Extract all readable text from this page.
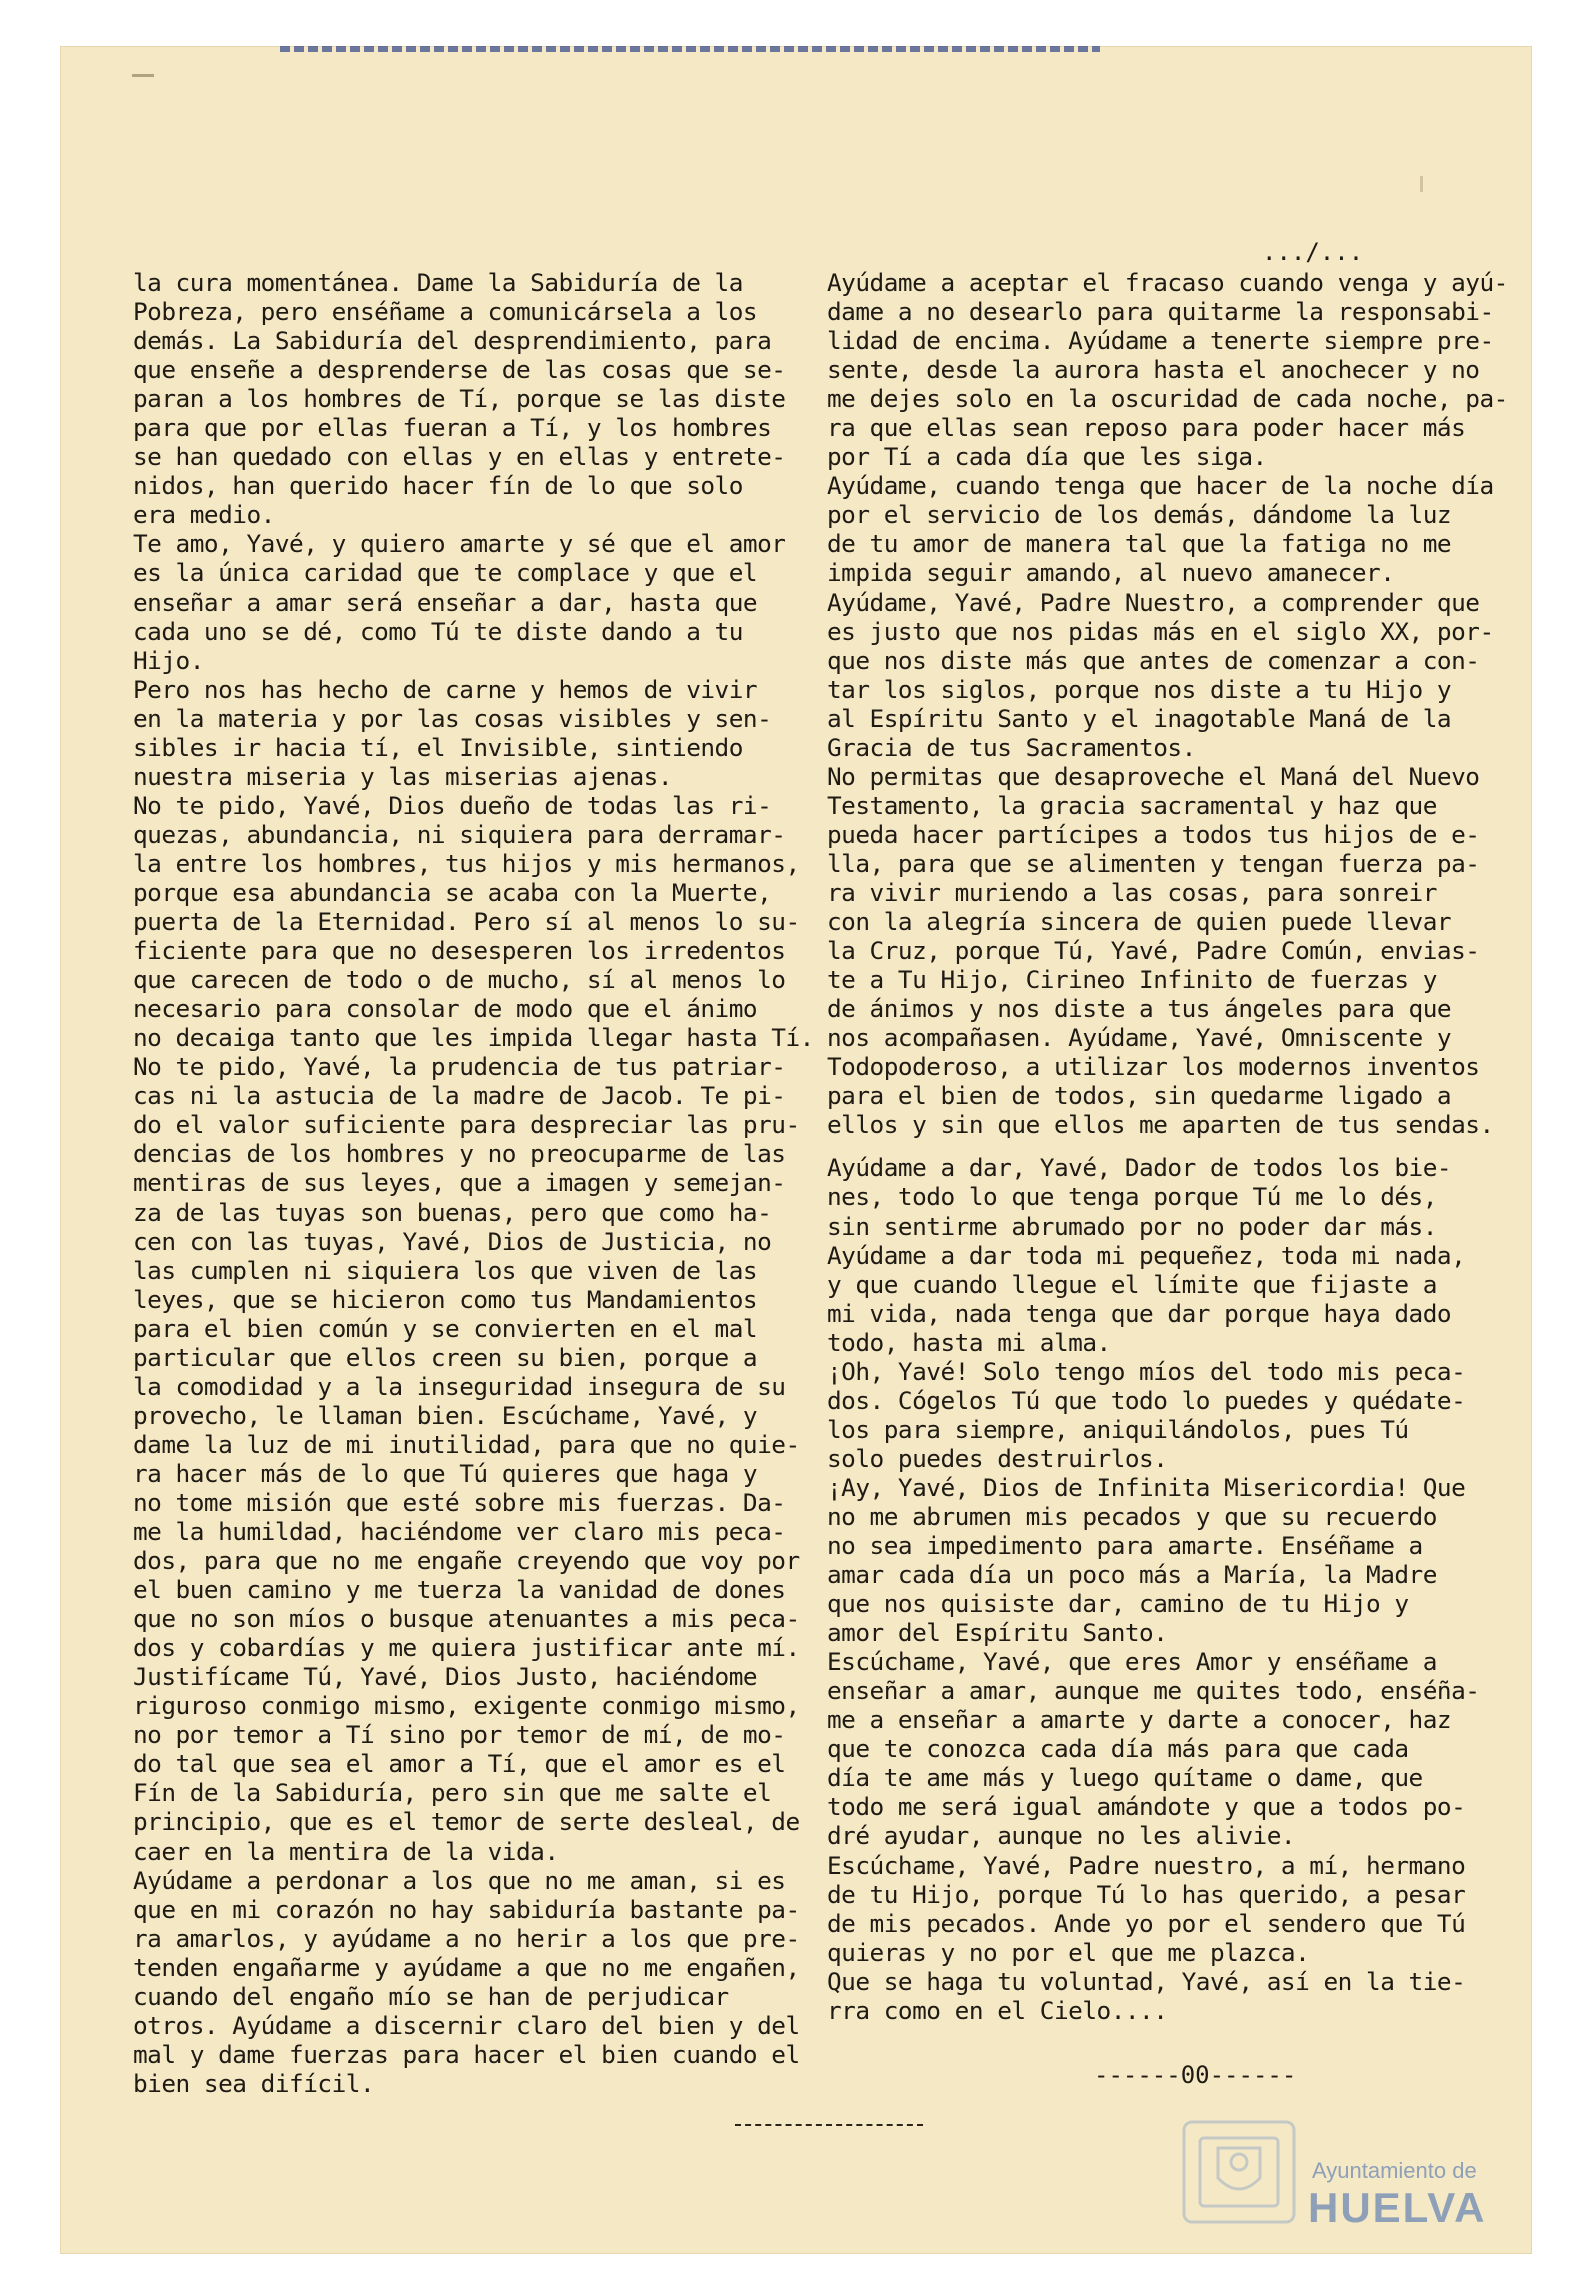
.../...

la cura momentánea. Dame la Sabiduría de la

Pobreza, pero enséñame a comunicársela a los

demás. La Sabiduría del desprendimiento, para

que enseñe a desprenderse de las cosas que se-

paran a los hombres de Tí, porque se las diste

para que por ellas fueran a Tí, y los hombres

se han quedado con ellas y en ellas y entrete-

nidos, han querido hacer fín de lo que solo

era medio.

Te amo, Yavé, y quiero amarte y sé que el amor

es la única caridad que te complace y que el

enseñar a amar será enseñar a dar, hasta que

cada uno se dé, como Tú te diste dando a tu

Hijo.

Pero nos has hecho de carne y hemos de vivir

en la materia y por las cosas visibles y sen-

sibles ir hacia tí, el Invisible, sintiendo

nuestra miseria y las miserias ajenas.

No te pido, Yavé, Dios dueño de todas las ri-

quezas, abundancia, ni siquiera para derramar-

la entre los hombres, tus hijos y mis hermanos,

porque esa abundancia se acaba con la Muerte,

puerta de la Eternidad. Pero sí al menos lo su-

ficiente para que no desesperen los irredentos

que carecen de todo o de mucho, sí al menos lo

necesario para consolar de modo que el ánimo

no decaiga tanto que les impida llegar hasta Tí.

No te pido, Yavé, la prudencia de tus patriar-

cas ni la astucia de la madre de Jacob. Te pi-

do el valor suficiente para despreciar las pru-

dencias de los hombres y no preocuparme de las

mentiras de sus leyes, que a imagen y semejan-

za de las tuyas son buenas, pero que como ha-

cen con las tuyas, Yavé, Dios de Justicia, no

las cumplen ni siquiera los que viven de las

leyes, que se hicieron como tus Mandamientos

para el bien común y se convierten en el mal

particular que ellos creen su bien, porque a

la comodidad y a la inseguridad insegura de su

provecho, le llaman bien. Escúchame, Yavé, y

dame la luz de mi inutilidad, para que no quie-

ra hacer más de lo que Tú quieres que haga y

no tome misión que esté sobre mis fuerzas. Da-

me la humildad, haciéndome ver claro mis peca-

dos, para que no me engañe creyendo que voy por

el buen camino y me tuerza la vanidad de dones

que no son míos o busque atenuantes a mis peca-

dos y cobardías y me quiera justificar ante mí.

Justifícame Tú, Yavé, Dios Justo, haciéndome

riguroso conmigo mismo, exigente conmigo mismo,

no por temor a Tí sino por temor de mí, de mo-

do tal que sea el amor a Tí, que el amor es el

Fín de la Sabiduría, pero sin que me salte el

principio, que es el temor de serte desleal, de

caer en la mentira de la vida.

Ayúdame a perdonar a los que no me aman, si es

que en mi corazón no hay sabiduría bastante pa-

ra amarlos, y ayúdame a no herir a los que pre-

tenden engañarme y ayúdame a que no me engañen,

cuando del engaño mío se han de perjudicar

otros. Ayúdame a discernir claro del bien y del

mal y dame fuerzas para hacer el bien cuando el

bien sea difícil.

Ayúdame a aceptar el fracaso cuando venga y ayú-

dame a no desearlo para quitarme la responsabi-

lidad de encima. Ayúdame a tenerte siempre pre-

sente, desde la aurora hasta el anochecer y no

me dejes solo en la oscuridad de cada noche, pa-

ra que ellas sean reposo para poder hacer más

por Tí a cada día que les siga.

Ayúdame, cuando tenga que hacer de la noche día

por el servicio de los demás, dándome la luz

de tu amor de manera tal que la fatiga no me

impida seguir amando, al nuevo amanecer.

Ayúdame, Yavé, Padre Nuestro, a comprender que

es justo que nos pidas más en el siglo XX, por-

que nos diste más que antes de comenzar a con-

tar los siglos, porque nos diste a tu Hijo y

al Espíritu Santo y el inagotable Maná de la

Gracia de tus Sacramentos.

No permitas que desaproveche el Maná del Nuevo

Testamento, la gracia sacramental y haz que

pueda hacer partícipes a todos tus hijos de e-

lla, para que se alimenten y tengan fuerza pa-

ra vivir muriendo a las cosas, para sonreir

con la alegría sincera de quien puede llevar

la Cruz, porque Tú, Yavé, Padre Común, envias-

te a Tu Hijo, Cirineo Infinito de fuerzas y

de ánimos y nos diste a tus ángeles para que

nos acompañasen. Ayúdame, Yavé, Omniscente y

Todopoderoso, a utilizar los modernos inventos

para el bien de todos, sin quedarme ligado a

ellos y sin que ellos me aparten de tus sendas.

Ayúdame a dar, Yavé, Dador de todos los bie-

nes, todo lo que tenga porque Tú me lo dés,

sin sentirme abrumado por no poder dar más.

Ayúdame a dar toda mi pequeñez, toda mi nada,

y que cuando llegue el límite que fijaste a

mi vida, nada tenga que dar porque haya dado

todo, hasta mi alma.

¡Oh, Yavé! Solo tengo míos del todo mis peca-

dos. Cógelos Tú que todo lo puedes y quédate-

los para siempre, aniquilándolos, pues Tú

solo puedes destruirlos.

¡Ay, Yavé, Dios de Infinita Misericordia! Que

no me abrumen mis pecados y que su recuerdo

no sea impedimento para amarte. Enséñame a

amar cada día un poco más a María, la Madre

que nos quisiste dar, camino de tu Hijo y

amor del Espíritu Santo.

Escúchame, Yavé, que eres Amor y enséñame a

enseñar a amar, aunque me quites todo, enséña-

me a enseñar a amarte y darte a conocer, haz

que te conozca cada día más para que cada

día te ame más y luego quítame o dame, que

todo me será igual amándote y que a todos po-

dré ayudar, aunque no les alivie.

Escúchame, Yavé, Padre nuestro, a mí, hermano

de tu Hijo, porque Tú lo has querido, a pesar

de mis pecados. Ande yo por el sendero que Tú

quieras y no por el que me plazca.

Que se haga tu voluntad, Yavé, así en la tie-

rra como en el Cielo....

------00------
Ayuntamiento de
HUELVA
